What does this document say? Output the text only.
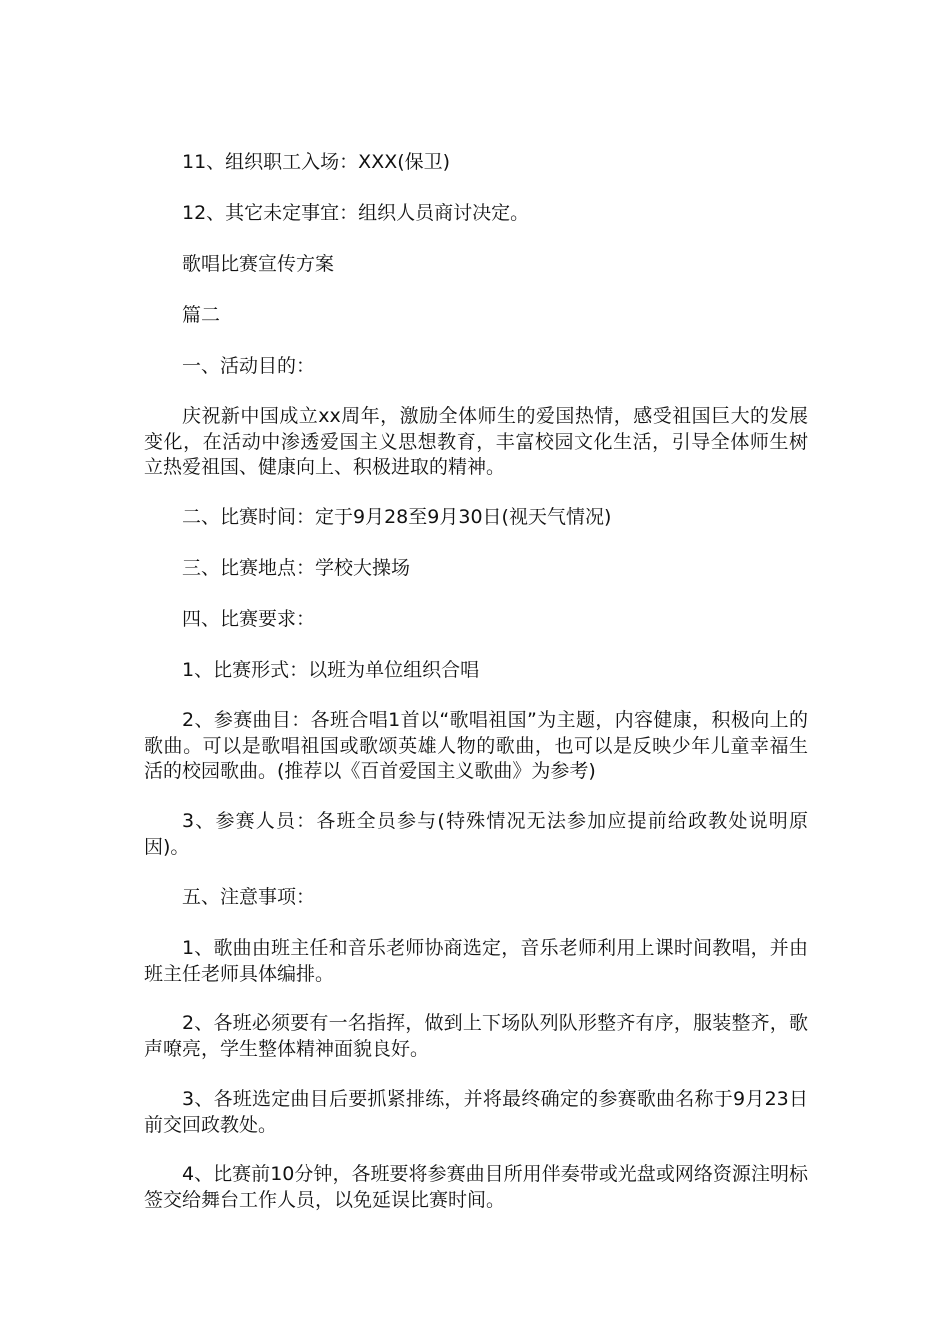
11、组织职工入场：XXX(保卫)

12、其它未定事宜：组织人员商讨决定。

歌唱比赛宣传方案

篇二

一、活动目的：

庆祝新中国成立xx周年，激励全体师生的爱国热情，感受祖国巨大的发展变化，在活动中渗透爱国主义思想教育，丰富校园文化生活，引导全体师生树立热爱祖国、健康向上、积极进取的精神。

二、比赛时间：定于9月28至9月30日(视天气情况)

三、比赛地点：学校大操场

四、比赛要求：

1、比赛形式：以班为单位组织合唱

2、参赛曲目：各班合唱1首以“歌唱祖国”为主题，内容健康，积极向上的歌曲。可以是歌唱祖国或歌颂英雄人物的歌曲，也可以是反映少年儿童幸福生活的校园歌曲。(推荐以《百首爱国主义歌曲》为参考)

3、参赛人员：各班全员参与(特殊情况无法参加应提前给政教处说明原因)。

五、注意事项：

1、歌曲由班主任和音乐老师协商选定，音乐老师利用上课时间教唱，并由班主任老师具体编排。

2、各班必须要有一名指挥，做到上下场队列队形整齐有序，服装整齐，歌声嘹亮，学生整体精神面貌良好。

3、各班选定曲目后要抓紧排练，并将最终确定的参赛歌曲名称于9月23日前交回政教处。

4、比赛前10分钟，各班要将参赛曲目所用伴奏带或光盘或网络资源注明标签交给舞台工作人员，以免延误比赛时间。
